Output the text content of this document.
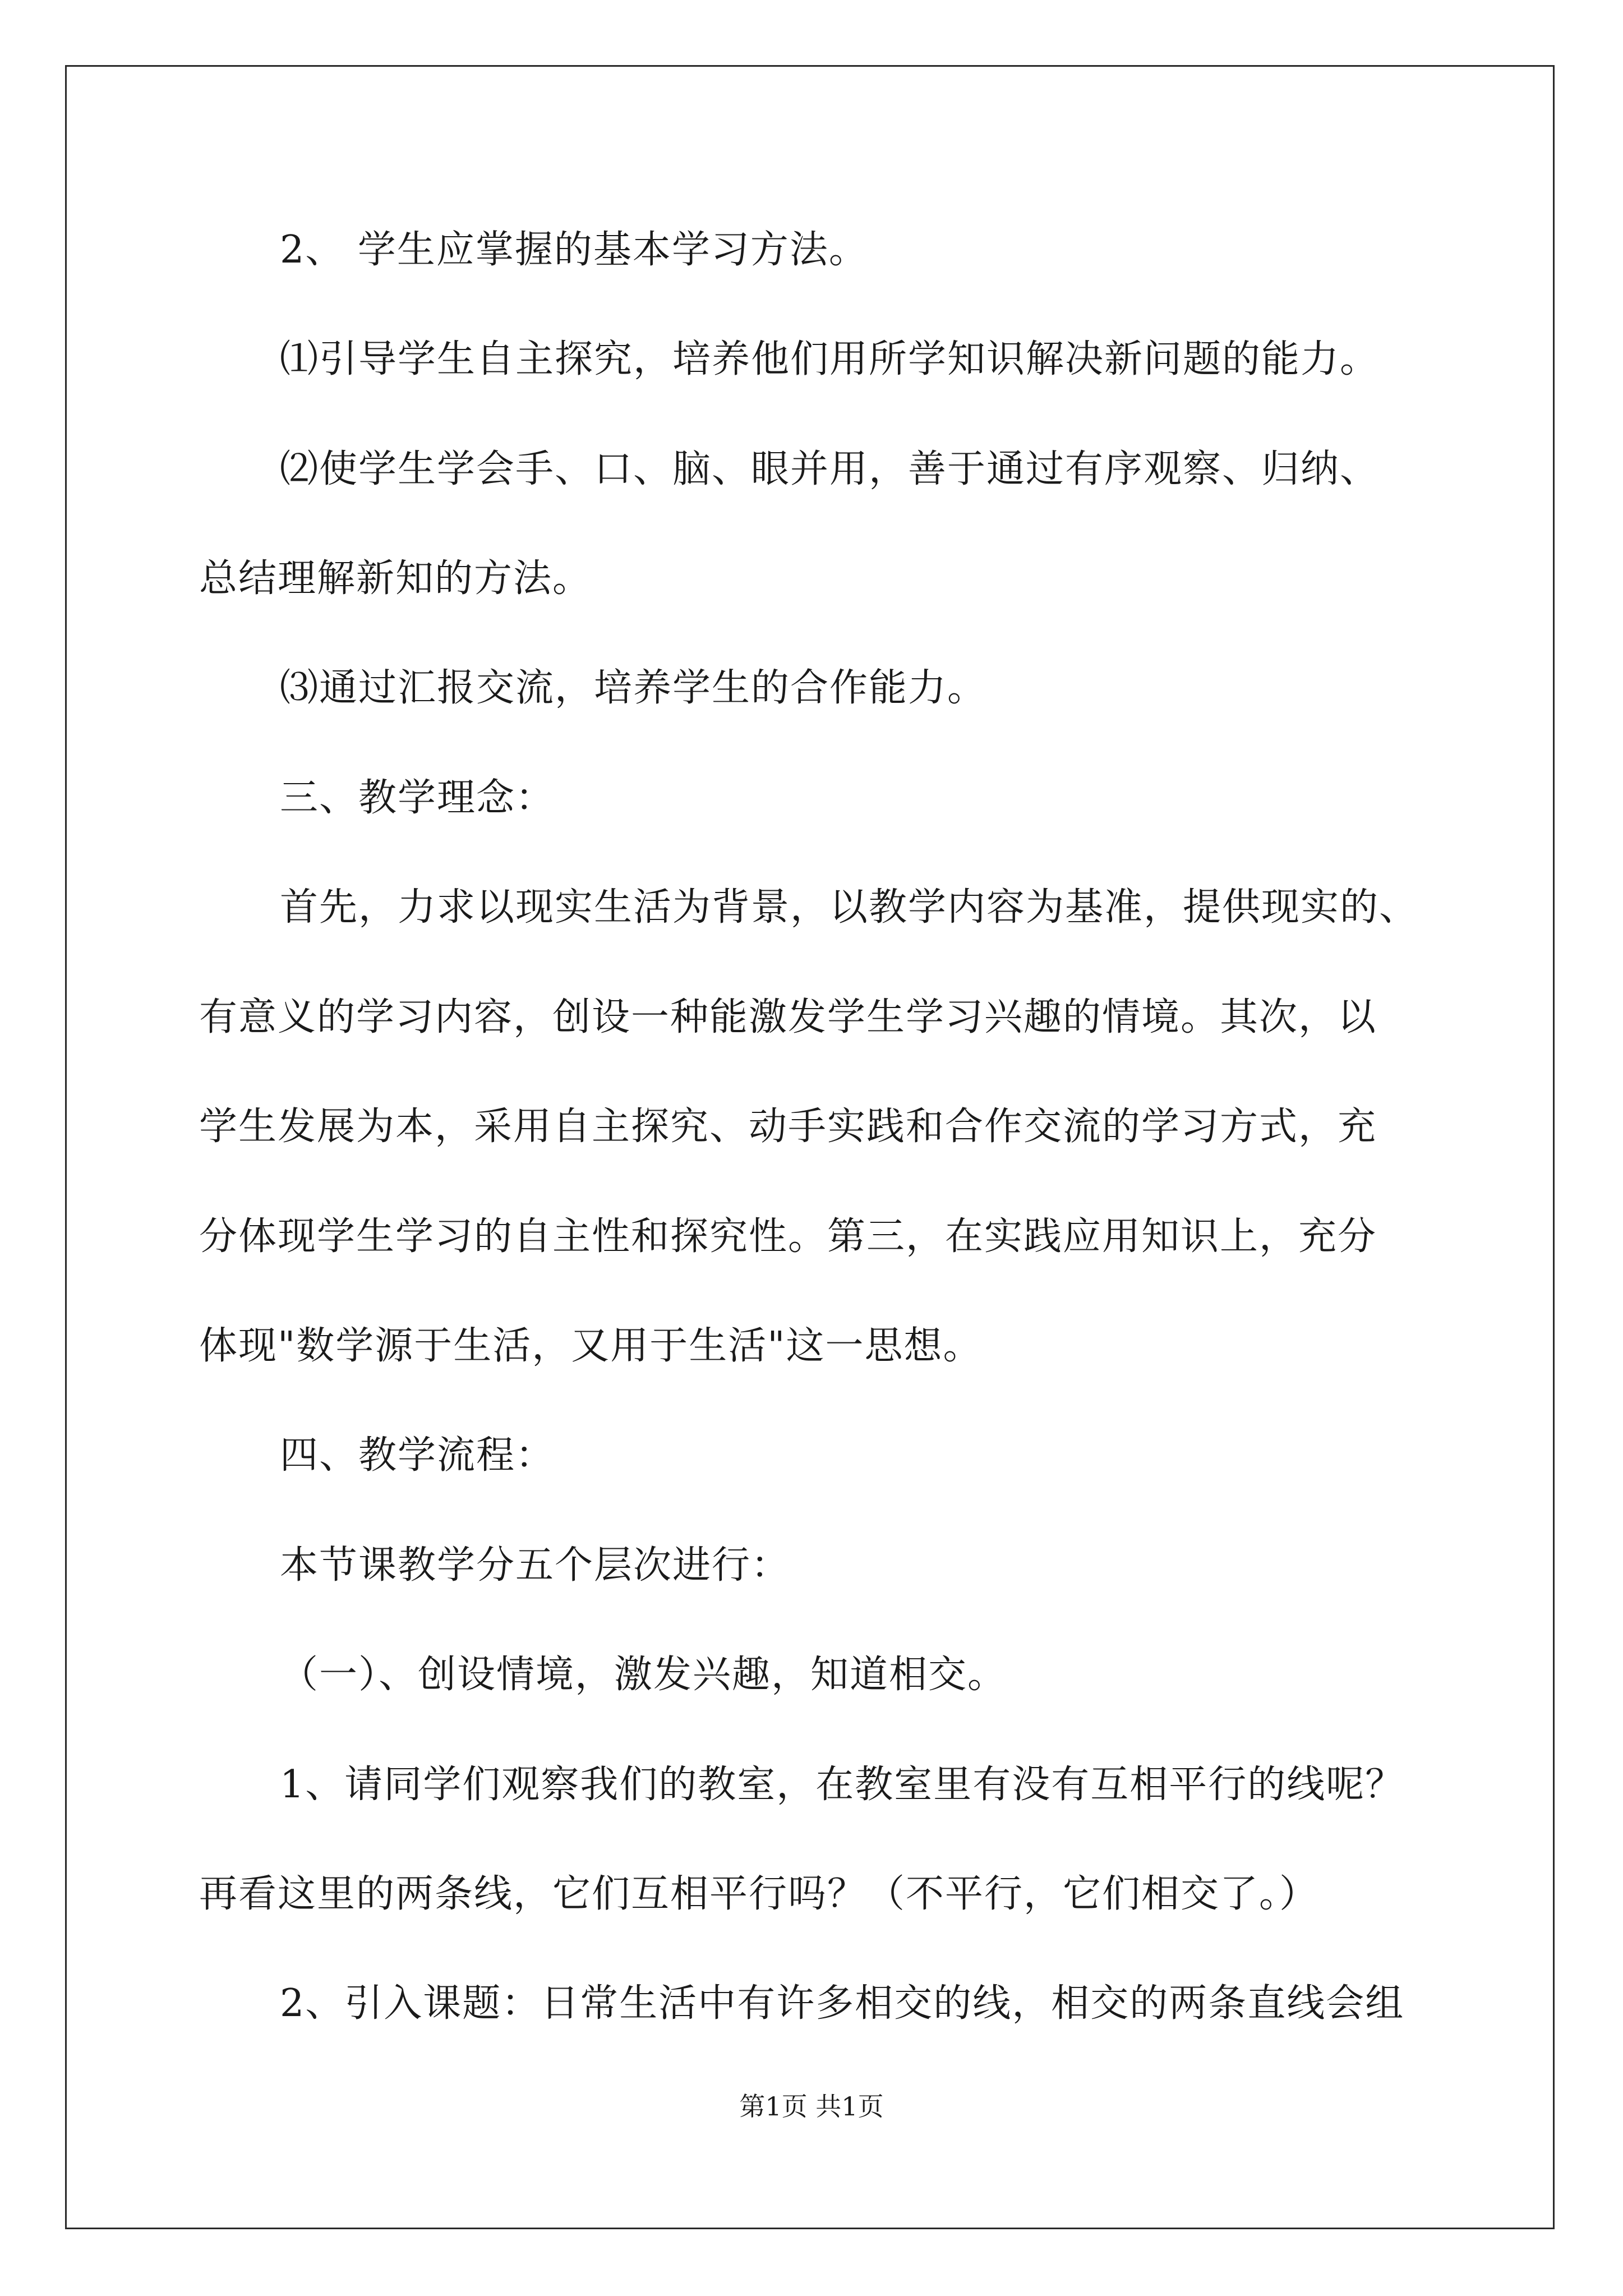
2、 学生应掌握的基本学习方法。
⑴引导学生自主探究，培养他们用所学知识解决新问题的能力。
⑵使学生学会手、口、脑、眼并用，善于通过有序观察、归纳、
总结理解新知的方法。
⑶通过汇报交流，培养学生的合作能力。
三、教学理念：
首先，力求以现实生活为背景，以教学内容为基准，提供现实的、
有意义的学习内容，创设一种能激发学生学习兴趣的情境。其次，以
学生发展为本，采用自主探究、动手实践和合作交流的学习方式，充
分体现学生学习的自主性和探究性。第三，在实践应用知识上，充分
体现"数学源于生活，又用于生活"这一思想。
四、教学流程：
本节课教学分五个层次进行：
（一）、创设情境，激发兴趣，知道相交。
1、请同学们观察我们的教室，在教室里有没有互相平行的线呢？
再看这里的两条线，它们互相平行吗？（不平行，它们相交了。）
2、引入课题：日常生活中有许多相交的线，相交的两条直线会组
第1页 共1页
